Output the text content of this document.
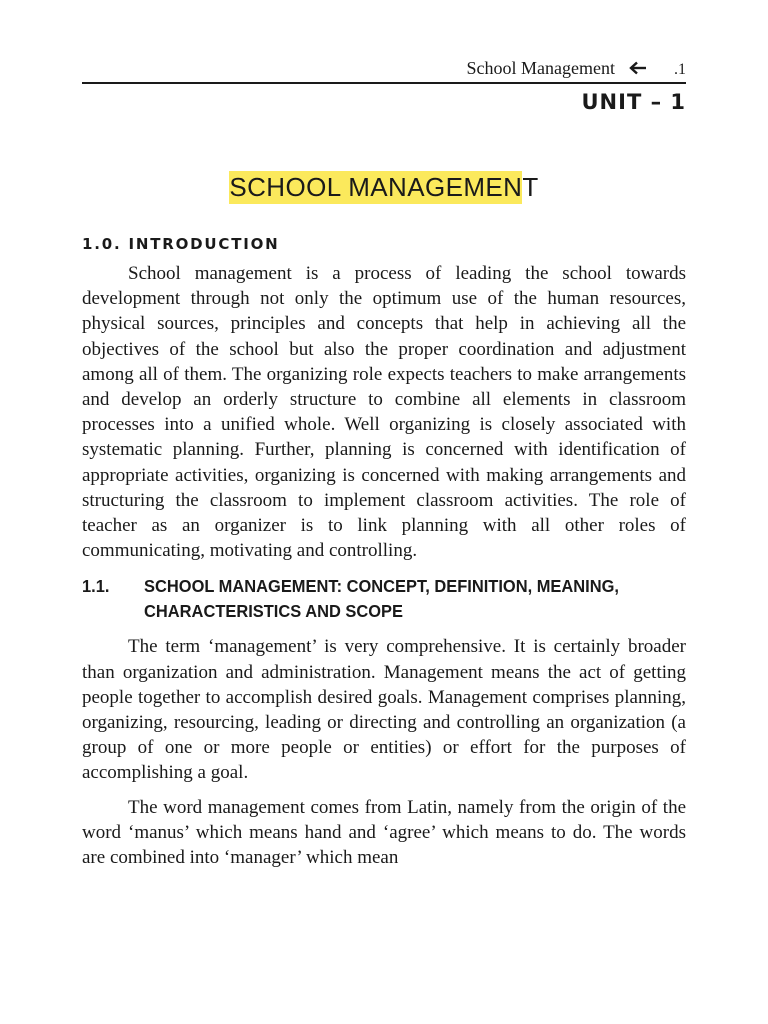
School Management	.1
UNIT – 1
SCHOOL MANAGEMENT
1.0. INTRODUCTION

School management is a process of leading the school towards development through not only the optimum use of the human resources, physical sources, principles and concepts that help in achieving all the objectives of the school but also the proper coordination and adjustment among all of them. The organizing role expects teachers to make arrangements and develop an orderly structure to combine all elements in classroom processes into a unified whole. Well organizing is closely associated with systematic planning. Further, planning is concerned with identification of appropriate activities, organizing is concerned with making arrangements and structuring the classroom to implement classroom activities. The role of teacher as an organizer is to link planning with all other roles of communicating, motivating and controlling.

1.1.	SCHOOL MANAGEMENT: CONCEPT, DEFINITION, MEANING, CHARACTERISTICS AND SCOPE

The term ‘management’ is very comprehensive. It is certainly broader than organization and administration. Management means the act of getting people together to accomplish desired goals. Management comprises planning, organizing, resourcing, leading or directing and controlling an organization (a group of one or more people or entities) or effort for the purposes of accomplishing a goal.

The word management comes from Latin, namely from the origin of the word ‘manus’ which means hand and ‘agree’ which means to do. The words are combined into ‘manager’ which mean
